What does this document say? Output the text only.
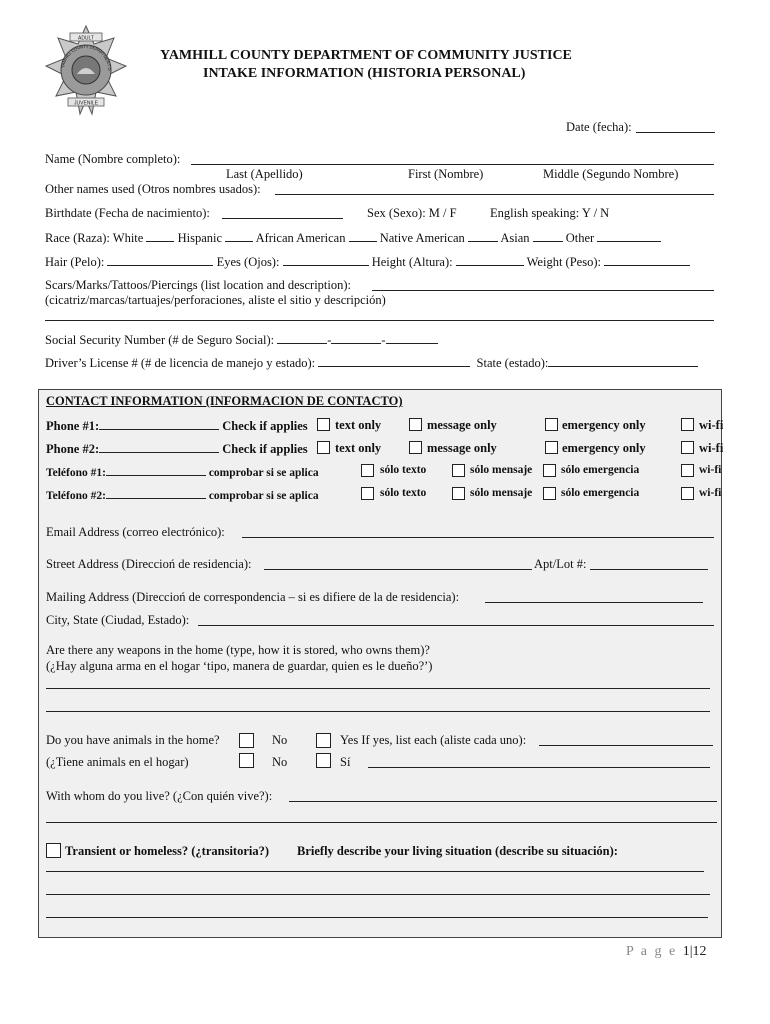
ADULT
JUVENILE
YAMHILL COUNTY DEPARTMENT O
YAMHILL COUNTY DEPARTMENT OF COMMUNITY JUSTICE
INTAKE INFORMATION (HISTORIA PERSONAL)
Date (fecha):
Name (Nombre completo):
Last (Apellido)	First (Nombre)	Middle (Segundo Nombre)
Other names used (Otros nombres usados):
Birthdate (Fecha de nacimiento):	Sex (Sexo): M / F	English speaking: Y / N
Race (Raza): White	Hispanic	African American	Native American	Asian	Other
Hair (Pelo):	Eyes (Ojos):	Height (Altura):	Weight (Peso):
Scars/Marks/Tattoos/Piercings (list location and description):
(cicatriz/marcas/tartuajes/perforaciones, aliste el sitio y descripción)
Social Security Number (# de Seguro Social):	-	-
Driver’s License # (# de licencia de manejo y estado):	State (estado):
CONTACT INFORMATION (INFORMACION DE CONTACTO)
Phone #1:	Check if applies text only	message only	emergency only	wi-fi
Phone #2:	Check if applies text only	message only	emergency only	wi-fi
Teléfono #1:	comprobar si se aplica	sólo texto	sólo mensaje sólo emergencia	wi-fi
Teléfono #2:	comprobar si se aplica	sólo texto	sólo mensaje sólo emergencia	wi-fi
Email Address (correo electrónico):
Street Address (Direccioń de residencia):	Apt/Lot #:
Mailing Address (Direccioń de correspondencia – si es difiere de la de residencia):
City, State (Ciudad, Estado):
Are there any weapons in the home (type, how it is stored, who owns them)?
(¿Hay alguna arma en el hogar ‘tipo, manera de guardar, quien es le dueño?’)
Do you have animals in the home?	No	Yes If yes, list each (aliste cada uno):
(¿Tiene animals en el hogar)	No	Sí
With whom do you live? (¿Con quién vive?):
Transient or homeless? (¿transitoria?) Briefly describe your living situation (describe su situación):
P a g e 1|12
